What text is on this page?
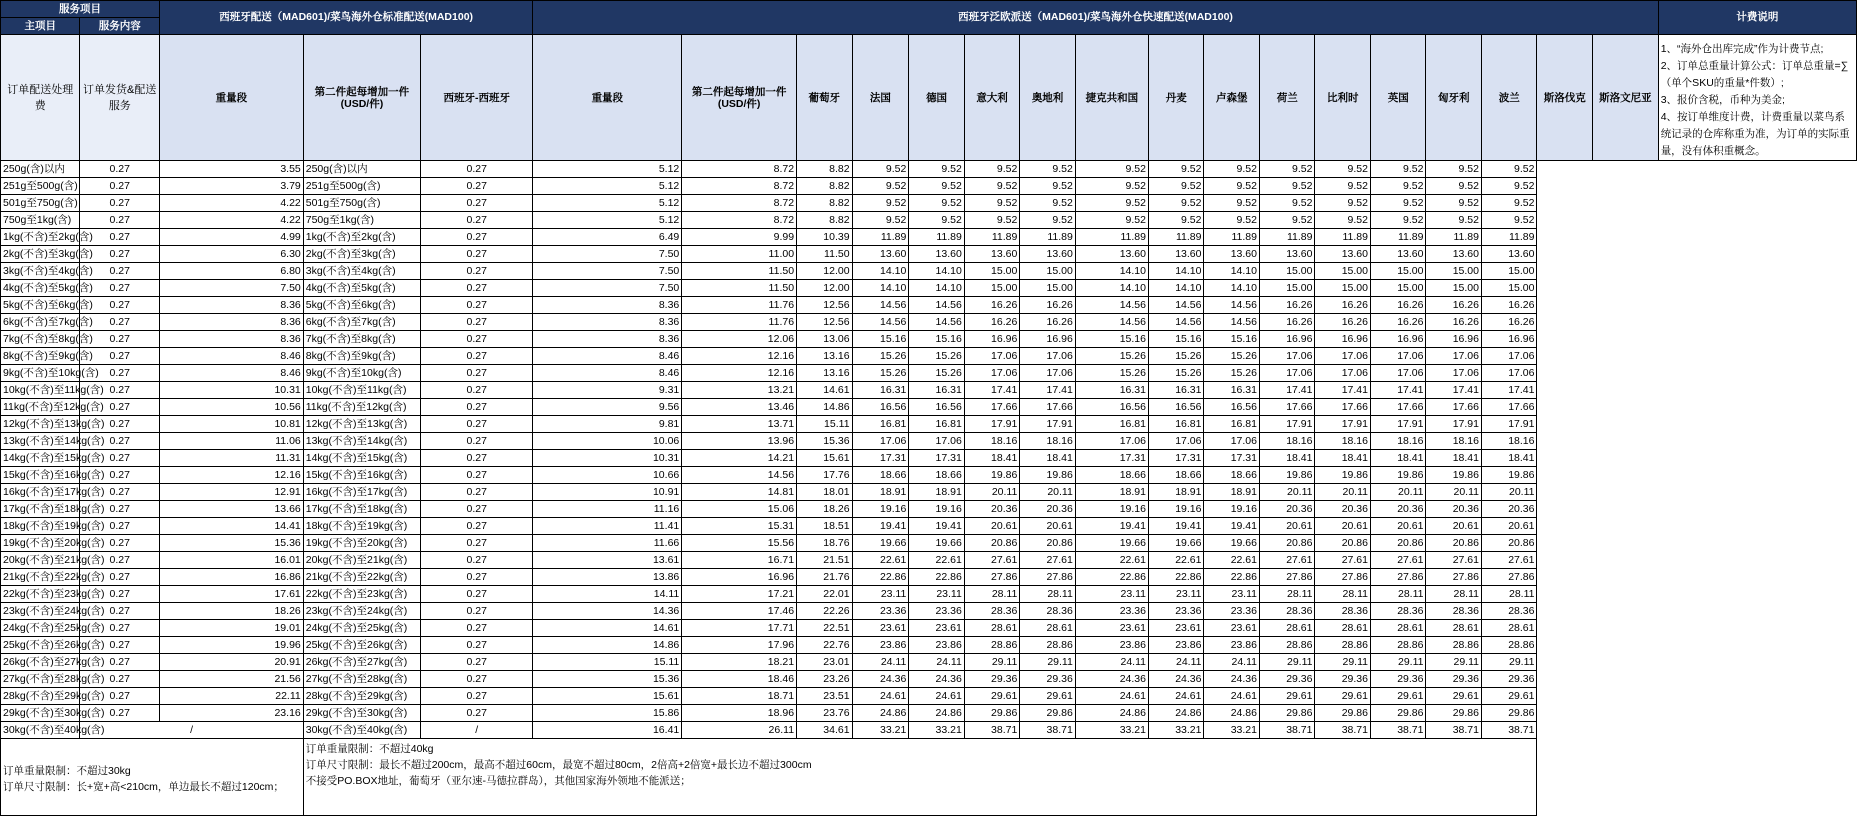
服务项目		西班牙配送（MAD601)/菜鸟海外仓标准配送(MAD100)			西班牙泛欧派送（MAD601)/菜鸟海外仓快速配送(MAD100)																	计费说明
主项目	服务内容																					
订单配送处理费	订单发货&配送服务	重量段	第二件起每增加一件 (USD/件)	西班牙-西班牙	重量段	第二件起每增加一件 (USD/件)	葡萄牙	法国	德国	意大利	奥地利	捷克共和国	丹麦	卢森堡	荷兰	比利时	英国	匈牙利	波兰	斯洛伐克	斯洛文尼亚	1、“海外仓出库完成”作为计费节点;
2、订单总重量计算公式：订单总重量=∑（单个SKU的重量*件数）;
3、报价含税，币种为美金;
4、按订单维度计费，计费重量以菜鸟系统记录的仓库称重为准，为订单的实际重量，没有体积重概念。

250g(含)以内	0.27	3.55	250g(含)以内	0.27	5.12	8.72	8.82	9.52	9.52	9.52	9.52	9.52	9.52	9.52	9.52	9.52	9.52	9.52	9.52			
251g至500g(含)	0.27	3.79	251g至500g(含)	0.27	5.12	8.72	8.82	9.52	9.52	9.52	9.52	9.52	9.52	9.52	9.52	9.52	9.52	9.52	9.52			
501g至750g(含)	0.27	4.22	501g至750g(含)	0.27	5.12	8.72	8.82	9.52	9.52	9.52	9.52	9.52	9.52	9.52	9.52	9.52	9.52	9.52	9.52			
750g至1kg(含)	0.27	4.22	750g至1kg(含)	0.27	5.12	8.72	8.82	9.52	9.52	9.52	9.52	9.52	9.52	9.52	9.52	9.52	9.52	9.52	9.52			
1kg(不含)至2kg(含)	0.27	4.99	1kg(不含)至2kg(含)	0.27	6.49	9.99	10.39	11.89	11.89	11.89	11.89	11.89	11.89	11.89	11.89	11.89	11.89	11.89	11.89			
2kg(不含)至3kg(含)	0.27	6.30	2kg(不含)至3kg(含)	0.27	7.50	11.00	11.50	13.60	13.60	13.60	13.60	13.60	13.60	13.60	13.60	13.60	13.60	13.60	13.60			
3kg(不含)至4kg(含)	0.27	6.80	3kg(不含)至4kg(含)	0.27	7.50	11.50	12.00	14.10	14.10	15.00	15.00	14.10	14.10	14.10	15.00	15.00	15.00	15.00	15.00			
4kg(不含)至5kg(含)	0.27	7.50	4kg(不含)至5kg(含)	0.27	7.50	11.50	12.00	14.10	14.10	15.00	15.00	14.10	14.10	14.10	15.00	15.00	15.00	15.00	15.00			
5kg(不含)至6kg(含)	0.27	8.36	5kg(不含)至6kg(含)	0.27	8.36	11.76	12.56	14.56	14.56	16.26	16.26	14.56	14.56	14.56	16.26	16.26	16.26	16.26	16.26			
6kg(不含)至7kg(含)	0.27	8.36	6kg(不含)至7kg(含)	0.27	8.36	11.76	12.56	14.56	14.56	16.26	16.26	14.56	14.56	14.56	16.26	16.26	16.26	16.26	16.26			
7kg(不含)至8kg(含)	0.27	8.36	7kg(不含)至8kg(含)	0.27	8.36	12.06	13.06	15.16	15.16	16.96	16.96	15.16	15.16	15.16	16.96	16.96	16.96	16.96	16.96			
8kg(不含)至9kg(含)	0.27	8.46	8kg(不含)至9kg(含)	0.27	8.46	12.16	13.16	15.26	15.26	17.06	17.06	15.26	15.26	15.26	17.06	17.06	17.06	17.06	17.06			
9kg(不含)至10kg(含)	0.27	8.46	9kg(不含)至10kg(含)	0.27	8.46	12.16	13.16	15.26	15.26	17.06	17.06	15.26	15.26	15.26	17.06	17.06	17.06	17.06	17.06			
10kg(不含)至11kg(含)	0.27	10.31	10kg(不含)至11kg(含)	0.27	9.31	13.21	14.61	16.31	16.31	17.41	17.41	16.31	16.31	16.31	17.41	17.41	17.41	17.41	17.41			
11kg(不含)至12kg(含)	0.27	10.56	11kg(不含)至12kg(含)	0.27	9.56	13.46	14.86	16.56	16.56	17.66	17.66	16.56	16.56	16.56	17.66	17.66	17.66	17.66	17.66			
12kg(不含)至13kg(含)	0.27	10.81	12kg(不含)至13kg(含)	0.27	9.81	13.71	15.11	16.81	16.81	17.91	17.91	16.81	16.81	16.81	17.91	17.91	17.91	17.91	17.91			
13kg(不含)至14kg(含)	0.27	11.06	13kg(不含)至14kg(含)	0.27	10.06	13.96	15.36	17.06	17.06	18.16	18.16	17.06	17.06	17.06	18.16	18.16	18.16	18.16	18.16			
14kg(不含)至15kg(含)	0.27	11.31	14kg(不含)至15kg(含)	0.27	10.31	14.21	15.61	17.31	17.31	18.41	18.41	17.31	17.31	17.31	18.41	18.41	18.41	18.41	18.41			
15kg(不含)至16kg(含)	0.27	12.16	15kg(不含)至16kg(含)	0.27	10.66	14.56	17.76	18.66	18.66	19.86	19.86	18.66	18.66	18.66	19.86	19.86	19.86	19.86	19.86			
16kg(不含)至17kg(含)	0.27	12.91	16kg(不含)至17kg(含)	0.27	10.91	14.81	18.01	18.91	18.91	20.11	20.11	18.91	18.91	18.91	20.11	20.11	20.11	20.11	20.11			
17kg(不含)至18kg(含)	0.27	13.66	17kg(不含)至18kg(含)	0.27	11.16	15.06	18.26	19.16	19.16	20.36	20.36	19.16	19.16	19.16	20.36	20.36	20.36	20.36	20.36			
18kg(不含)至19kg(含)	0.27	14.41	18kg(不含)至19kg(含)	0.27	11.41	15.31	18.51	19.41	19.41	20.61	20.61	19.41	19.41	19.41	20.61	20.61	20.61	20.61	20.61			
19kg(不含)至20kg(含)	0.27	15.36	19kg(不含)至20kg(含)	0.27	11.66	15.56	18.76	19.66	19.66	20.86	20.86	19.66	19.66	19.66	20.86	20.86	20.86	20.86	20.86			
20kg(不含)至21kg(含)	0.27	16.01	20kg(不含)至21kg(含)	0.27	13.61	16.71	21.51	22.61	22.61	27.61	27.61	22.61	22.61	22.61	27.61	27.61	27.61	27.61	27.61			
21kg(不含)至22kg(含)	0.27	16.86	21kg(不含)至22kg(含)	0.27	13.86	16.96	21.76	22.86	22.86	27.86	27.86	22.86	22.86	22.86	27.86	27.86	27.86	27.86	27.86			
22kg(不含)至23kg(含)	0.27	17.61	22kg(不含)至23kg(含)	0.27	14.11	17.21	22.01	23.11	23.11	28.11	28.11	23.11	23.11	23.11	28.11	28.11	28.11	28.11	28.11			
23kg(不含)至24kg(含)	0.27	18.26	23kg(不含)至24kg(含)	0.27	14.36	17.46	22.26	23.36	23.36	28.36	28.36	23.36	23.36	23.36	28.36	28.36	28.36	28.36	28.36			
24kg(不含)至25kg(含)	0.27	19.01	24kg(不含)至25kg(含)	0.27	14.61	17.71	22.51	23.61	23.61	28.61	28.61	23.61	23.61	23.61	28.61	28.61	28.61	28.61	28.61			
25kg(不含)至26kg(含)	0.27	19.96	25kg(不含)至26kg(含)	0.27	14.86	17.96	22.76	23.86	23.86	28.86	28.86	23.86	23.86	23.86	28.86	28.86	28.86	28.86	28.86			
26kg(不含)至27kg(含)	0.27	20.91	26kg(不含)至27kg(含)	0.27	15.11	18.21	23.01	24.11	24.11	29.11	29.11	24.11	24.11	24.11	29.11	29.11	29.11	29.11	29.11			
27kg(不含)至28kg(含)	0.27	21.56	27kg(不含)至28kg(含)	0.27	15.36	18.46	23.26	24.36	24.36	29.36	29.36	24.36	24.36	24.36	29.36	29.36	29.36	29.36	29.36			
28kg(不含)至29kg(含)	0.27	22.11	28kg(不含)至29kg(含)	0.27	15.61	18.71	23.51	24.61	24.61	29.61	29.61	24.61	24.61	24.61	29.61	29.61	29.61	29.61	29.61			
29kg(不含)至30kg(含)	0.27	23.16	29kg(不含)至30kg(含)	0.27	15.86	18.96	23.76	24.86	24.86	29.86	29.86	24.86	24.86	24.86	29.86	29.86	29.86	29.86	29.86			
30kg(不含)至40kg(含)	/		30kg(不含)至40kg(含)	/	16.41	26.11	34.61	33.21	33.21	38.71	38.71	33.21	33.21	33.21	38.71	38.71	38.71	38.71	38.71			

订单重量限制：不超过30kg
订单尺寸限制：长+宽+高<210cm，单边最长不超过120cm；			订单重量限制：不超过40kg
订单尺寸限制：最长不超过200cm，最高不超过60cm，最宽不超过80cm，2倍高+2倍宽+最长边不超过300cm
不接受PO.BOX地址，葡萄牙（亚尔速-马德拉群岛），其他国家海外领地不能派送；																			
